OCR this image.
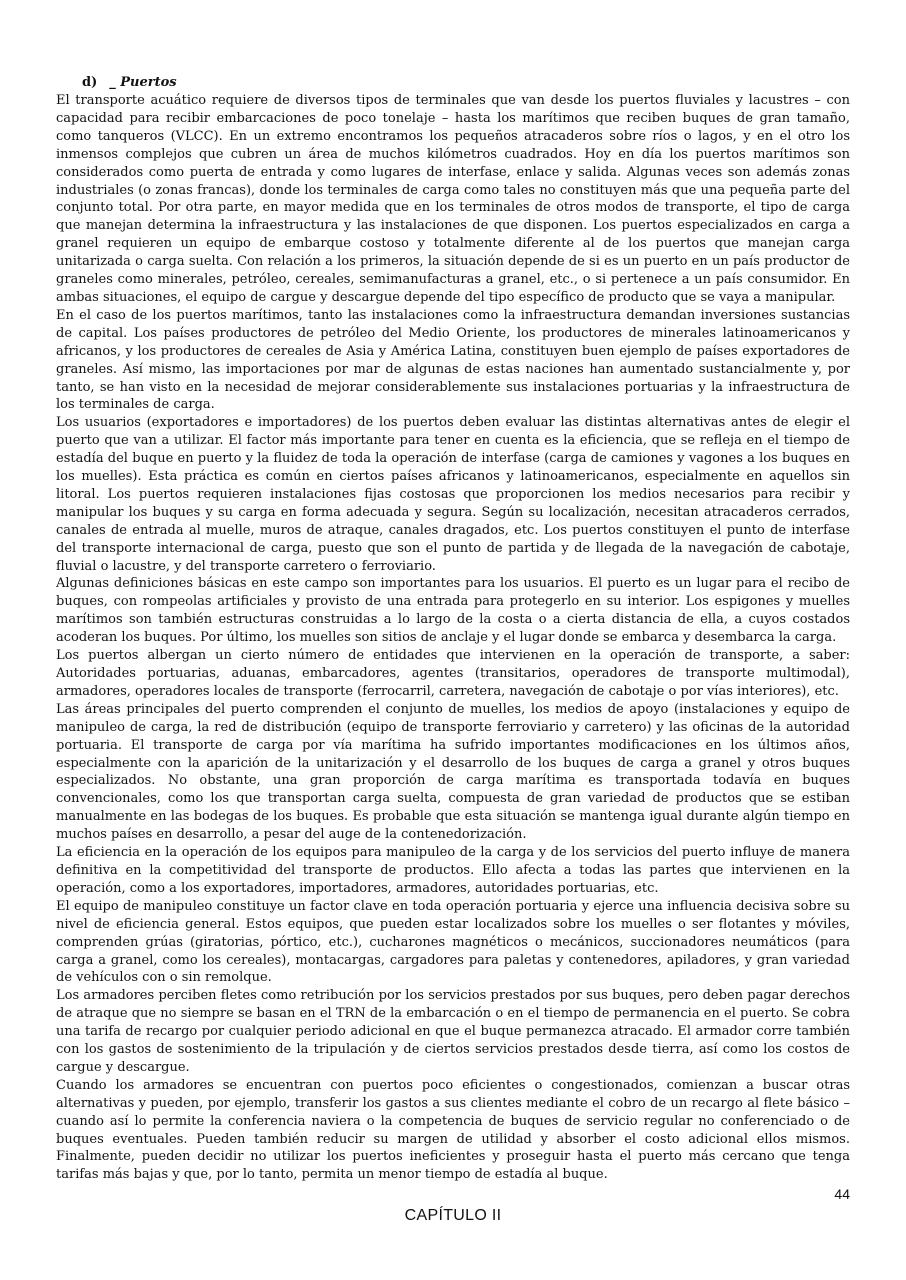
d) _ Puertos

El transporte acuático requiere de diversos tipos de terminales que van desde los puertos fluviales y lacustres – con capacidad para recibir embarcaciones de poco tonelaje – hasta los marítimos que reciben buques de gran tamaño, como tanqueros (VLCC). En un extremo encontramos los pequeños atracaderos sobre ríos o lagos, y en el otro los inmensos complejos que cubren un área de muchos kilómetros cuadrados. Hoy en día los puertos marítimos son considerados como puerta de entrada y como lugares de interfase, enlace y salida. Algunas veces son además zonas industriales (o zonas francas), donde los terminales de carga como tales no constituyen más que una pequeña parte del conjunto total. Por otra parte, en mayor medida que en los terminales de otros modos de transporte, el tipo de carga que manejan determina la infraestructura y las instalaciones de que disponen. Los puertos especializados en carga a granel requieren un equipo de embarque costoso y totalmente diferente al de los puertos que manejan carga unitarizada o carga suelta. Con relación a los primeros, la situación depende de si es un puerto en un país productor de graneles como minerales, petróleo, cereales, semimanufacturas a granel, etc., o si pertenece a un país consumidor. En ambas situaciones, el equipo de cargue y descargue depende del tipo específico de producto que se vaya a manipular.

En el caso de los puertos marítimos, tanto las instalaciones como la infraestructura demandan inversiones sustancias de capital. Los países productores de petróleo del Medio Oriente, los productores de minerales latinoamericanos y africanos, y los productores de cereales de Asia y América Latina, constituyen buen ejemplo de países exportadores de graneles. Así mismo, las importaciones por mar de algunas de estas naciones han aumentado sustancialmente y, por tanto, se han visto en la necesidad de mejorar considerablemente sus instalaciones portuarias y la infraestructura de los terminales de carga.

Los usuarios (exportadores e importadores) de los puertos deben evaluar las distintas alternativas antes de elegir el puerto que van a utilizar. El factor más importante para tener en cuenta es la eficiencia, que se refleja en el tiempo de estadía del buque en puerto y la fluidez de toda la operación de interfase (carga de camiones y vagones a los buques en los muelles). Esta práctica es común en ciertos países africanos y latinoamericanos, especialmente en aquellos sin litoral. Los puertos requieren instalaciones fijas costosas que proporcionen los medios necesarios para recibir y manipular los buques y su carga en forma adecuada y segura. Según su localización, necesitan atracaderos cerrados, canales de entrada al muelle, muros de atraque, canales dragados, etc. Los puertos constituyen el punto de interfase del transporte internacional de carga, puesto que son el punto de partida y de llegada de la navegación de cabotaje, fluvial o lacustre, y del transporte carretero o ferroviario.

Algunas definiciones básicas en este campo son importantes para los usuarios. El puerto es un lugar para el recibo de buques, con rompeolas artificiales y provisto de una entrada para protegerlo en su interior. Los espigones y muelles marítimos son también estructuras construidas a lo largo de la costa o a cierta distancia de ella, a cuyos costados acoderan los buques. Por último, los muelles son sitios de anclaje y el lugar donde se embarca y desembarca la carga.

Los puertos albergan un cierto número de entidades que intervienen en la operación de transporte, a saber: Autoridades portuarias, aduanas, embarcadores, agentes (transitarios, operadores de transporte multimodal), armadores, operadores locales de transporte (ferrocarril, carretera, navegación de cabotaje o por vías interiores), etc.

Las áreas principales del puerto comprenden el conjunto de muelles, los medios de apoyo (instalaciones y equipo de manipuleo de carga, la red de distribución (equipo de transporte ferroviario y carretero) y las oficinas de la autoridad portuaria. El transporte de carga por vía marítima ha sufrido importantes modificaciones en los últimos años, especialmente con la aparición de la unitarización y el desarrollo de los buques de carga a granel y otros buques especializados. No obstante, una gran proporción de carga marítima es transportada todavía en buques convencionales, como los que transportan carga suelta, compuesta de gran variedad de productos que se estiban manualmente en las bodegas de los buques. Es probable que esta situación se mantenga igual durante algún tiempo en muchos países en desarrollo, a pesar del auge de la contenedorización.

La eficiencia en la operación de los equipos para manipuleo de la carga y de los servicios del puerto influye de manera definitiva en la competitividad del transporte de productos. Ello afecta a todas las partes que intervienen en la operación, como a los exportadores, importadores, armadores, autoridades portuarias, etc.

El equipo de manipuleo constituye un factor clave en toda operación portuaria y ejerce una influencia decisiva sobre su nivel de eficiencia general. Estos equipos, que pueden estar localizados sobre los muelles o ser flotantes y móviles, comprenden grúas (giratorias, pórtico, etc.), cucharones magnéticos o mecánicos, succionadores neumáticos (para carga a granel, como los cereales), montacargas, cargadores para paletas y contenedores, apiladores, y gran variedad de vehículos con o sin remolque.

Los armadores perciben fletes como retribución por los servicios prestados por sus buques, pero deben pagar derechos de atraque que no siempre se basan en el TRN de la embarcación o en el tiempo de permanencia en el puerto. Se cobra una tarifa de recargo por cualquier periodo adicional en que el buque permanezca atracado. El armador corre también con los gastos de sostenimiento de la tripulación y de ciertos servicios prestados desde tierra, así como los costos de cargue y descargue.

Cuando los armadores se encuentran con puertos poco eficientes o congestionados, comienzan a buscar otras alternativas y pueden, por ejemplo, transferir los gastos a sus clientes mediante el cobro de un recargo al flete básico – cuando así lo permite la conferencia naviera o la competencia de buques de servicio regular no conferenciado o de buques eventuales. Pueden también reducir su margen de utilidad y absorber el costo adicional ellos mismos. Finalmente, pueden decidir no utilizar los puertos ineficientes y proseguir hasta el puerto más cercano que tenga tarifas más bajas y que, por lo tanto, permita un menor tiempo de estadía al buque.

44
CAPÍTULO II
